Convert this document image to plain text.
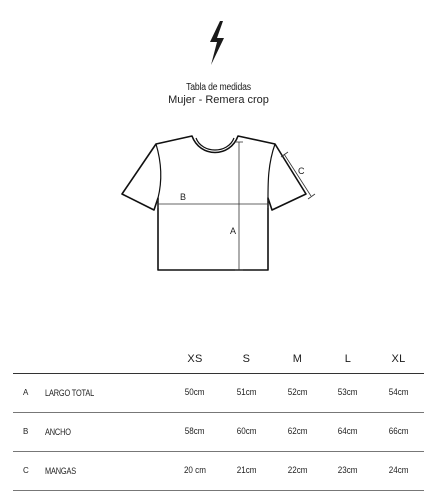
Tabla de medidas
Mujer - Remera crop
A
B
C
		XS	S	M	L	XL
A	LARGO TOTAL	50cm	51cm	52cm	53cm	54cm
B	ANCHO	58cm	60cm	62cm	64cm	66cm
C	MANGAS	20 cm	21cm	22cm	23cm	24cm
